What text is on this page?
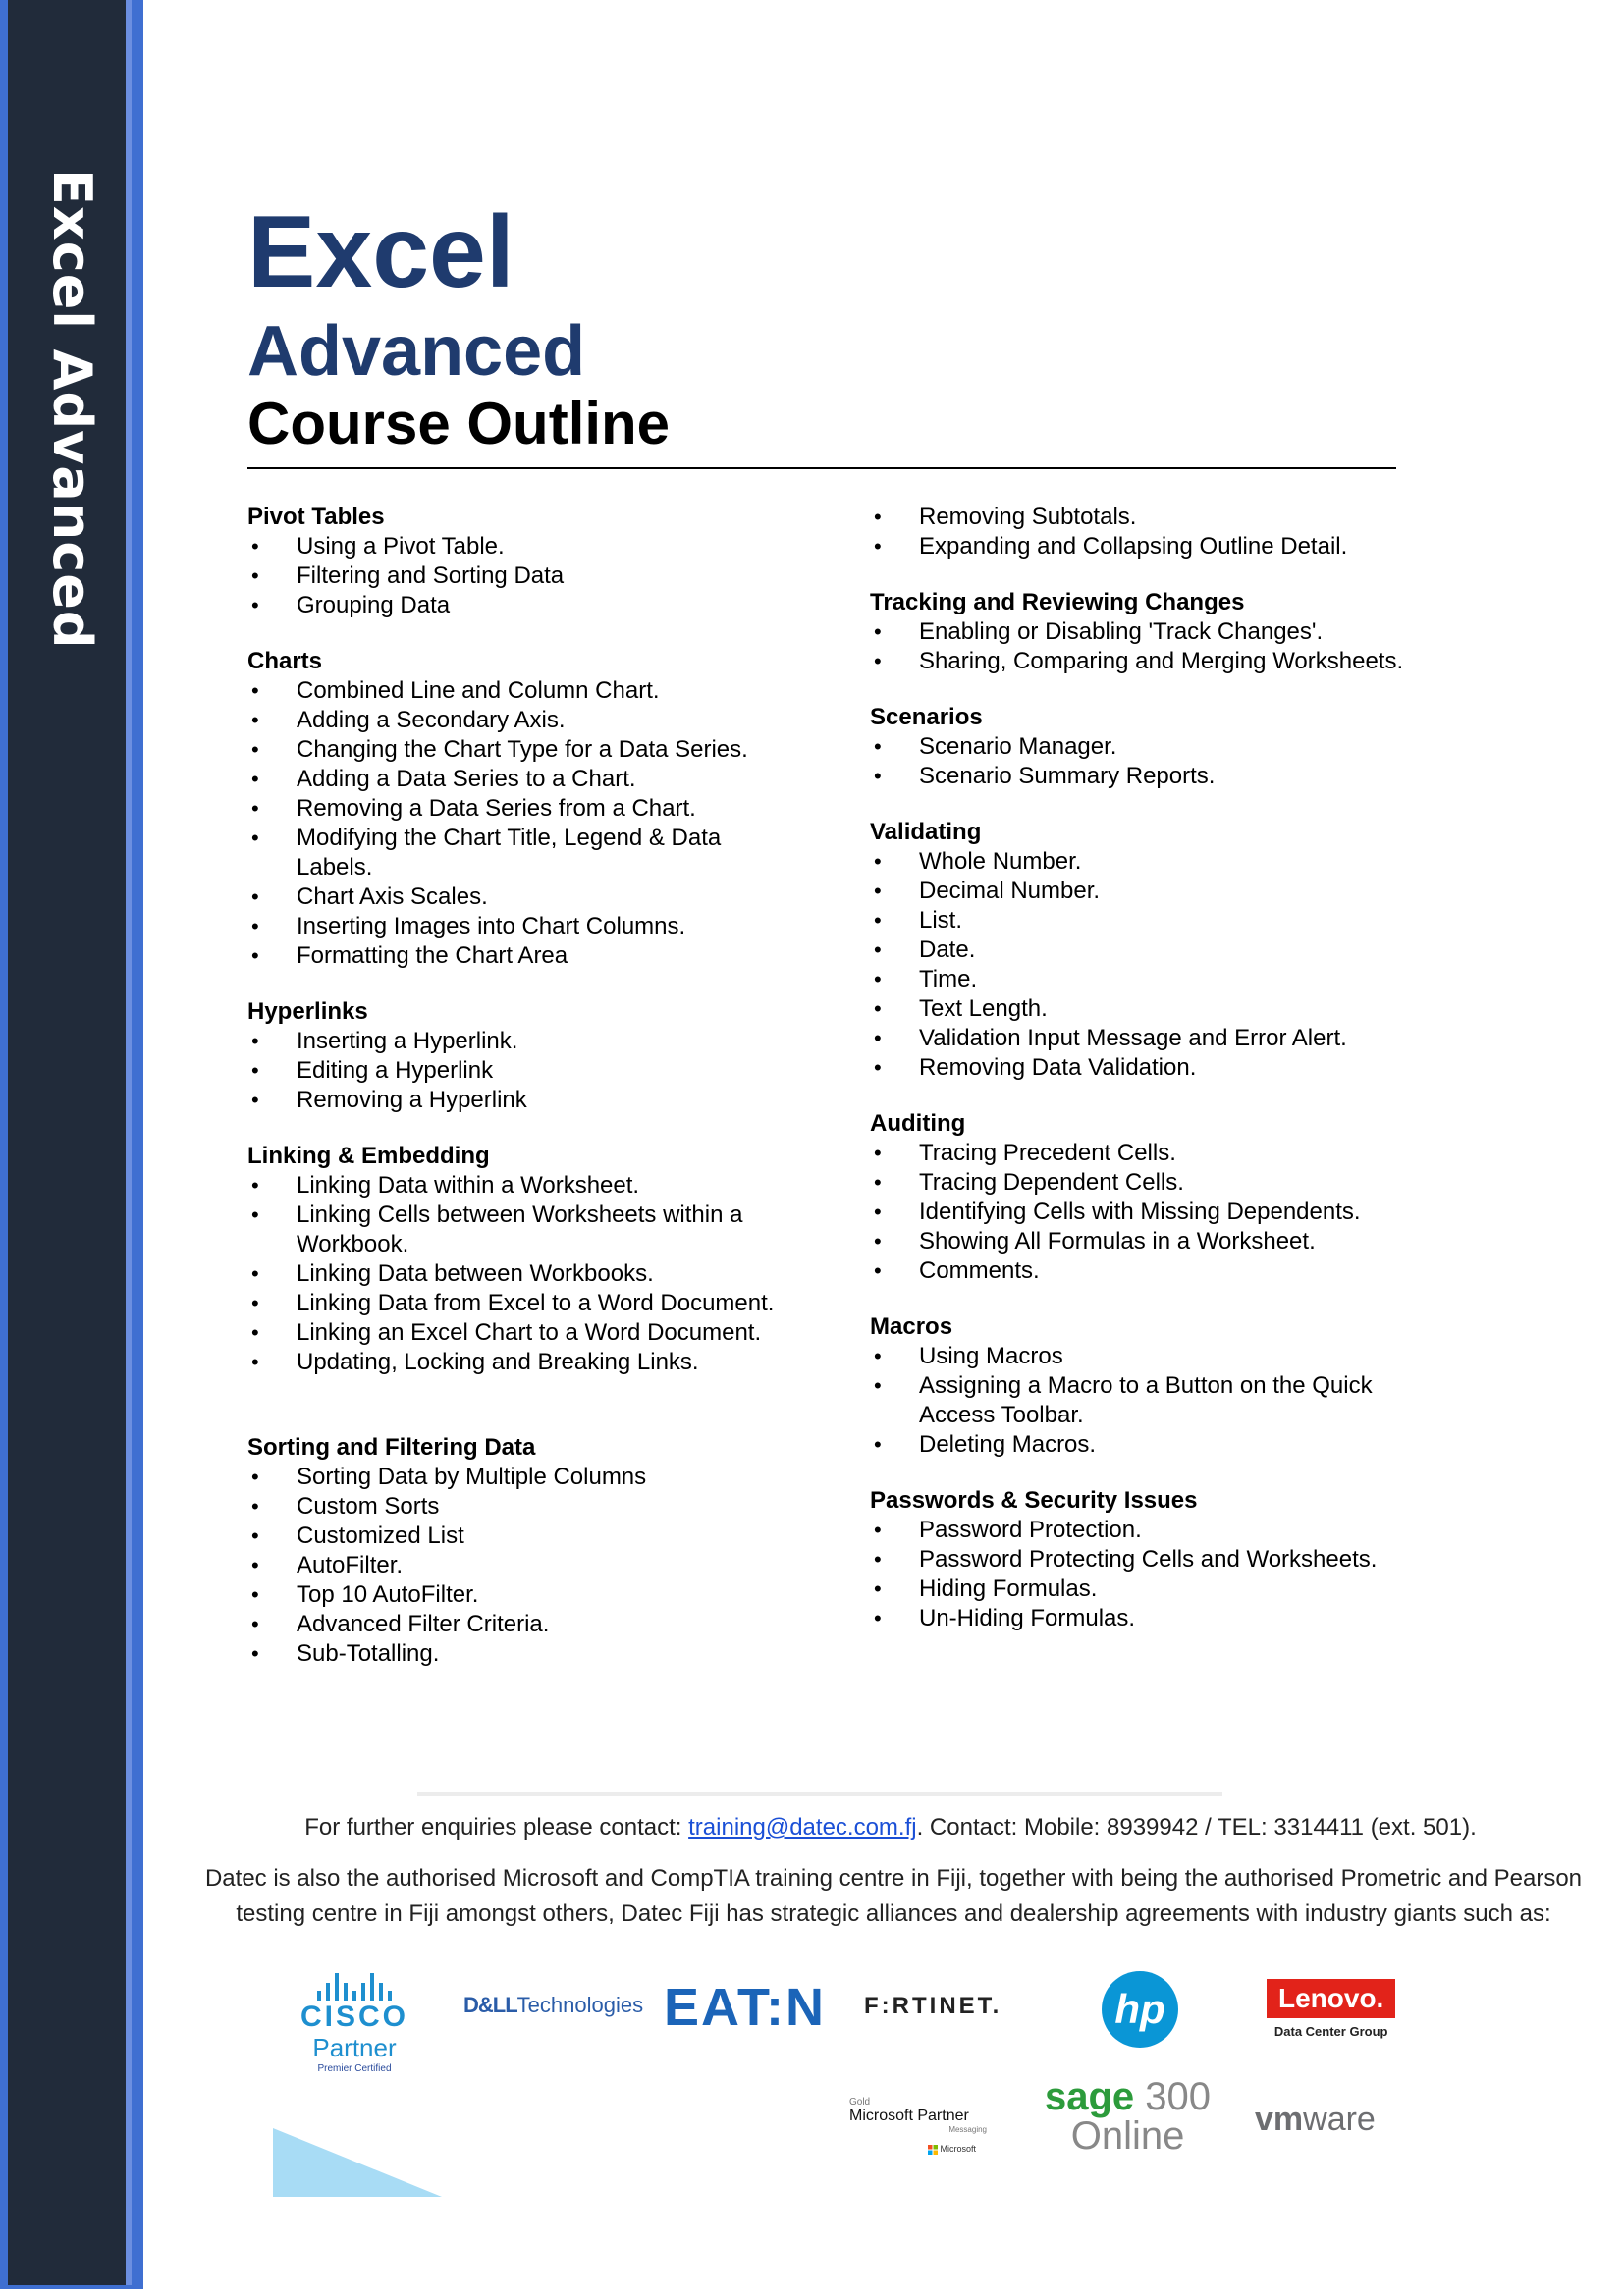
Excel Advanced Excel
Advanced
Course Outline
Pivot Tables
• Using a Pivot Table.
• Filtering and Sorting Data
• Grouping Data
Charts
• Combined Line and Column Chart.
• Adding a Secondary Axis.
• Changing the Chart Type for a Data Series.
• Adding a Data Series to a Chart.
• Removing a Data Series from a Chart.
• Modifying the Chart Title, Legend & Data Labels.
• Chart Axis Scales.
• Inserting Images into Chart Columns.
• Formatting the Chart Area
Hyperlinks
• Inserting a Hyperlink.
• Editing a Hyperlink
• Removing a Hyperlink
Linking & Embedding
• Linking Data within a Worksheet.
• Linking Cells between Worksheets within a Workbook.
• Linking Data between Workbooks.
• Linking Data from Excel to a Word Document.
• Linking an Excel Chart to a Word Document.
• Updating, Locking and Breaking Links.
Sorting and Filtering Data
• Sorting Data by Multiple Columns
• Custom Sorts
• Customized List
• AutoFilter.
• Top 10 AutoFilter.
• Advanced Filter Criteria.
• Sub-Totalling.
• Removing Subtotals.
• Expanding and Collapsing Outline Detail.
Tracking and Reviewing Changes
• Enabling or Disabling 'Track Changes'.
• Sharing, Comparing and Merging Worksheets.
Scenarios
• Scenario Manager.
• Scenario Summary Reports.
Validating
• Whole Number.
• Decimal Number.
• List.
• Date.
• Time.
• Text Length.
• Validation Input Message and Error Alert.
• Removing Data Validation.
Auditing
• Tracing Precedent Cells.
• Tracing Dependent Cells.
• Identifying Cells with Missing Dependents.
• Showing All Formulas in a Worksheet.
• Comments.
Macros
• Using Macros
• Assigning a Macro to a Button on the Quick Access Toolbar.
• Deleting Macros.
Passwords & Security Issues
• Password Protection.
• Password Protecting Cells and Worksheets.
• Hiding Formulas.
• Un-Hiding Formulas.
For further enquiries please contact: training@datec.com.fj. Contact: Mobile: 8939942 / TEL: 3314411 (ext. 501).
Datec is also the authorised Microsoft and CompTIA training centre in Fiji, together with being the authorised Prometric and Pearson testing centre in Fiji amongst others, Datec Fiji has strategic alliances and dealership agreements with industry giants such as:
CISCO
Partner
Premier Certified
D&LLTechnologies EAT:N F:RTINET.	hp	Lenovo.
Data Center Group
Gold
Microsoft Partner
Messaging
Microsoft
sage 300
Online	vmware
